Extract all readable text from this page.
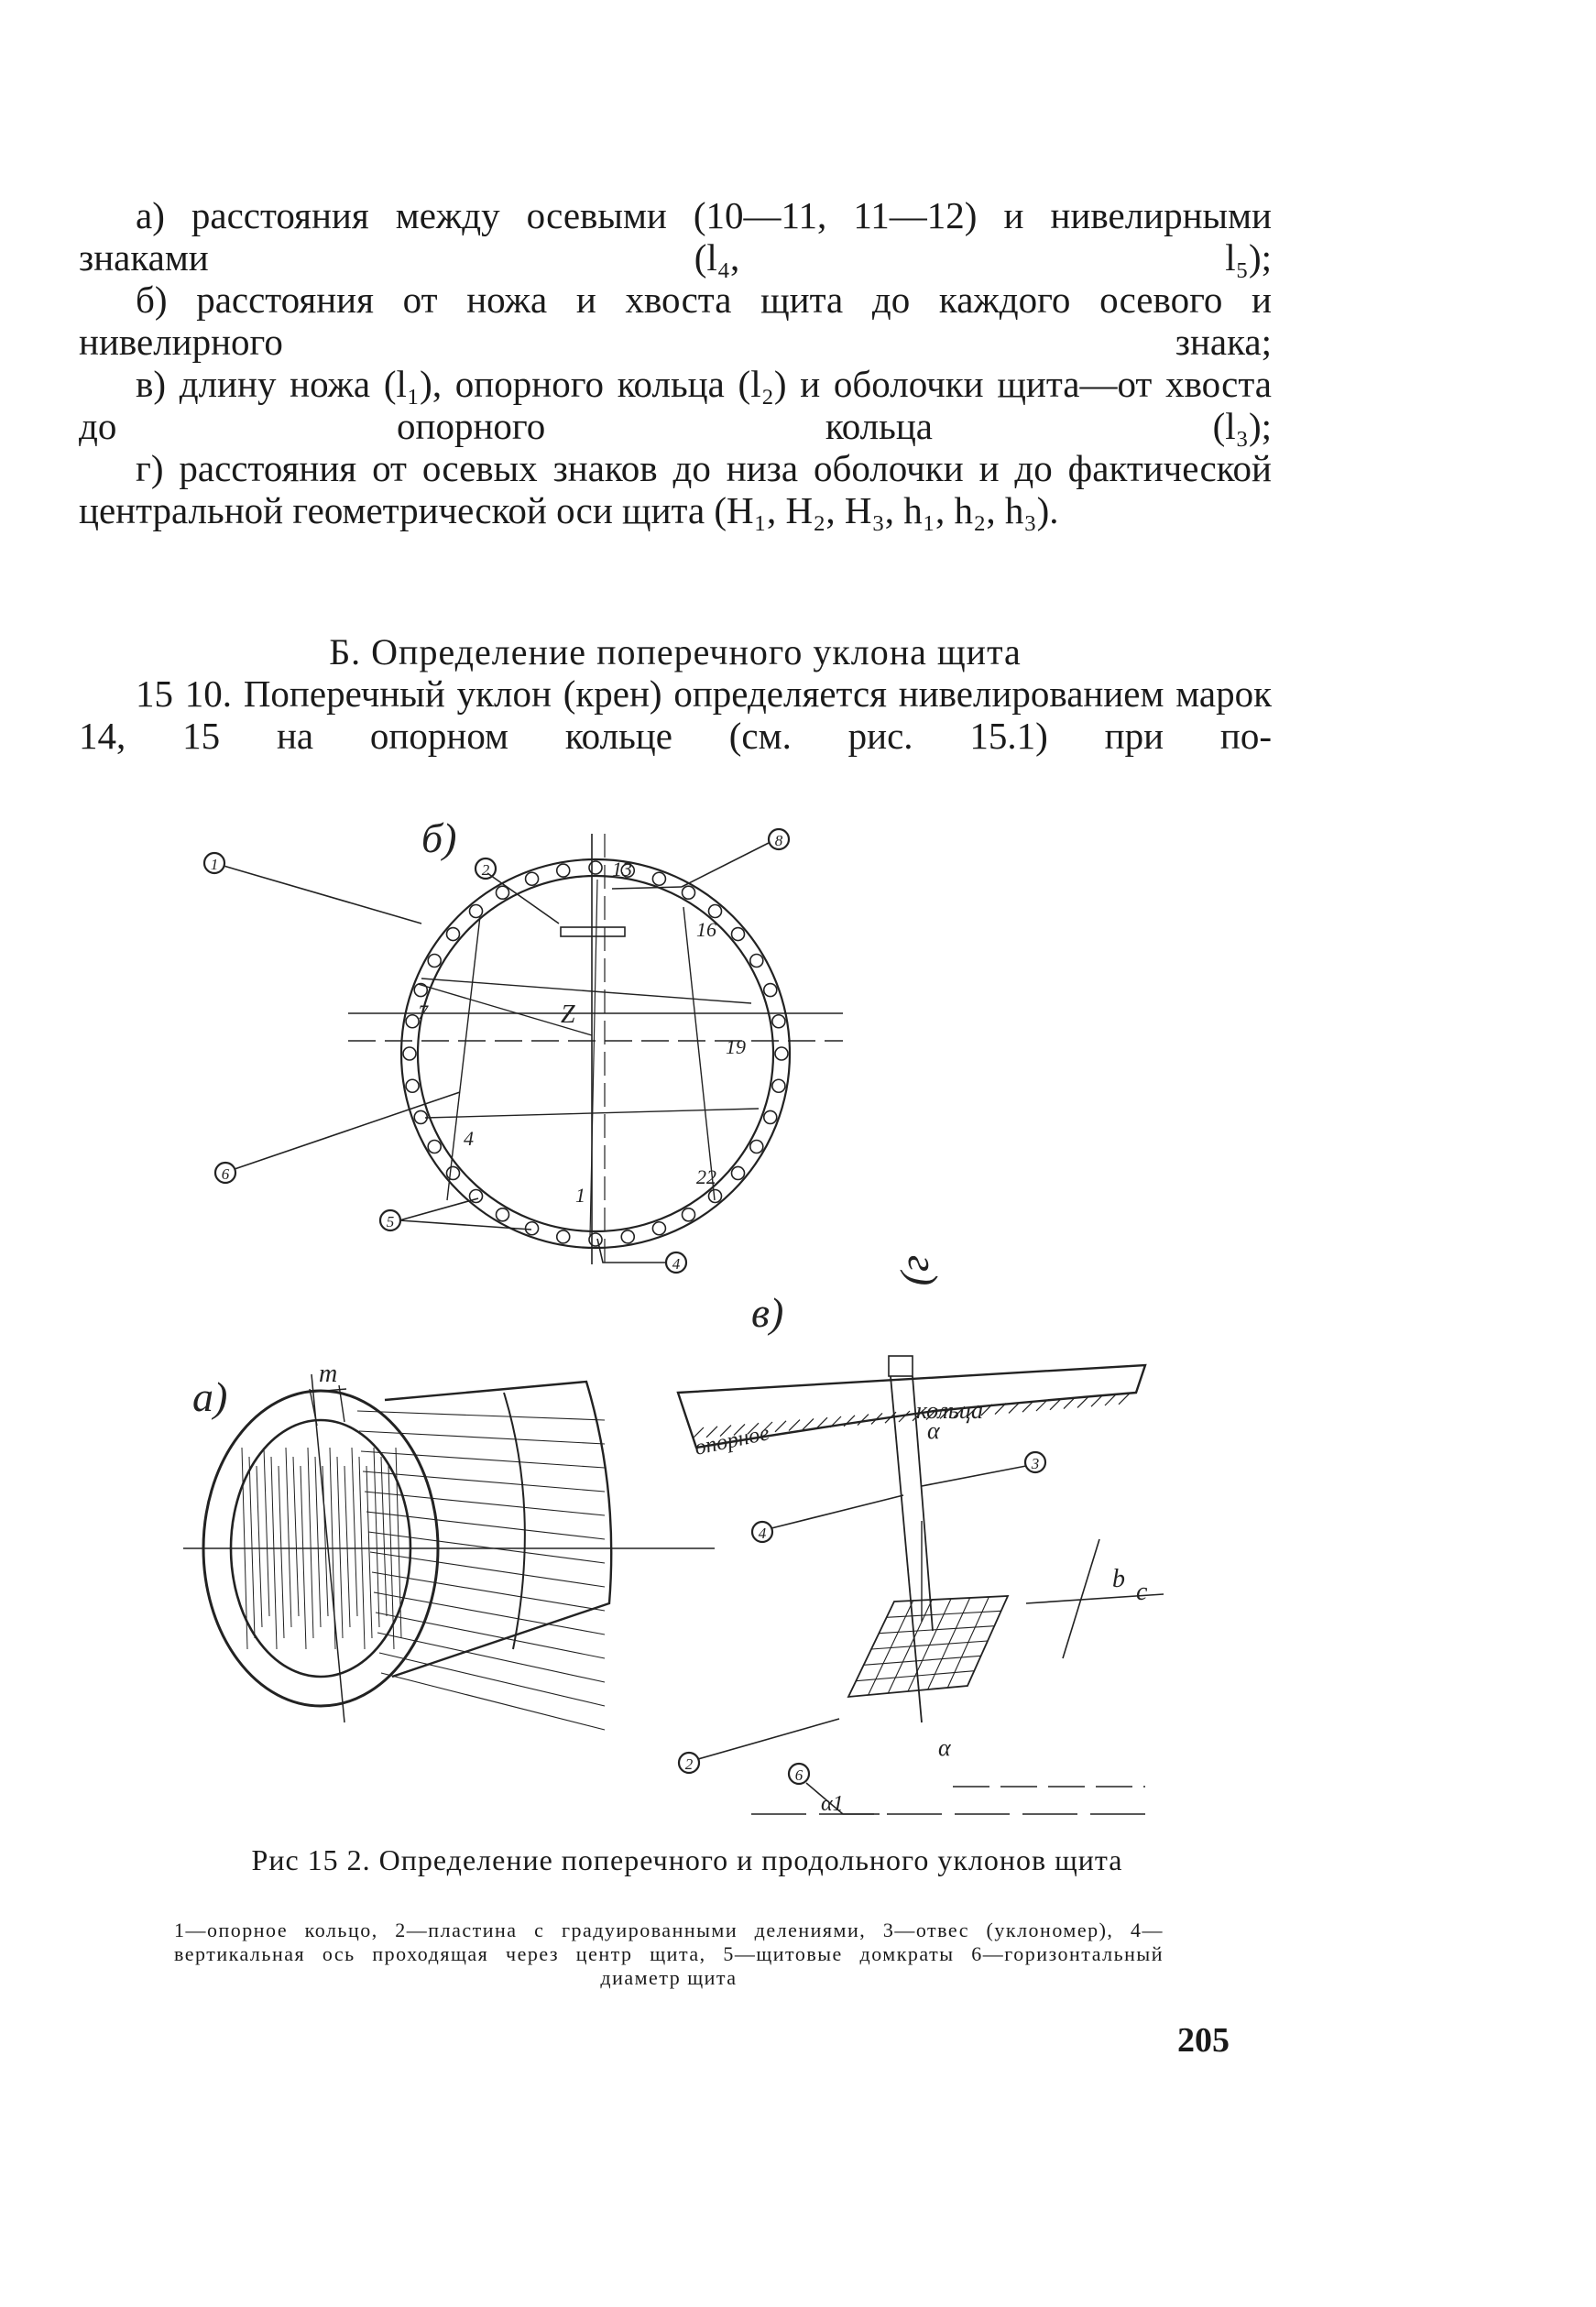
а) расстояния между осевыми (10—11, 11—12) и нивелирными знаками (l₄, l₅);

б) расстояния от ножа и хвоста щита до каждого осевого и нивелирного знака;

в) длину ножа (l₁), опорного кольца (l₂) и оболочки щита—от хвоста до опорного кольца (l₃);

г) расстояния от осевых знаков до низа оболочки и до фактической центральной геометрической оси щита (H₁, H₂, H₃, h₁, h₂, h₃).

Б. Определение поперечного уклона щита

15 10. Поперечный уклон (крен) определяется нивелированием марок 14, 15 на опорном кольце (см. рис. 15.1) при по-

б)
1	2
8
6
5
4
13
16
19
22
1
4
7	Z
г)
а)	m
в)
опорное
кольца
b c
α
α
α1
3
4
2
6
Рис 15 2. Определение поперечного и продольного уклонов щита
1—опорное кольцо, 2—пластина с градуированными делениями, 3—отвес (уклономер), 4—вертикальная ось проходящая через центр щита, 5—щитовые домкраты 6—горизонтальный диаметр щита
205
